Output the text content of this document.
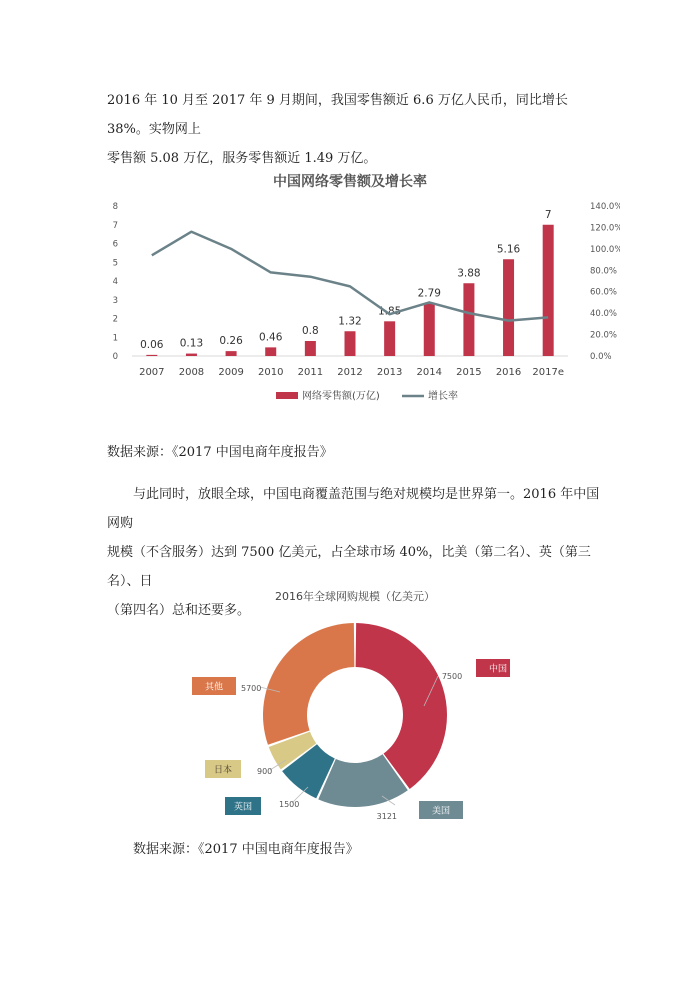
2016 年 10 月至 2017 年 9 月期间，我国零售额近 6.6 万亿人民币，同比增长 38%。实物网上
零售额 5.08 万亿，服务零售额近 1.49 万亿。

中国网络零售额及增长率
0
1
2
3
4
5
6
7
8
0.0%
20.0%
40.0%
60.0%
80.0%
100.0%
120.0%
140.0%
0.06
2007
0.13
2008
0.26
2009
0.46
2010
0.8
2011
1.32
2012
1.85
2013
2.79
2014
3.88
2015
5.16
2016
7
2017e
网络零售额(万亿)	增长率

数据来源：《2017 中国电商年度报告》

与此同时，放眼全球，中国电商覆盖范围与绝对规模均是世界第一。2016 年中国网购
规模（不含服务）达到 7500 亿美元，占全球市场 40%，比美（第二名）、英（第三名）、日
（第四名）总和还要多。

2016年全球网购规模（亿美元）
中国
7500
美国
3121
英国	1500
日本	900
其他 5700

数据来源：《2017 中国电商年度报告》
